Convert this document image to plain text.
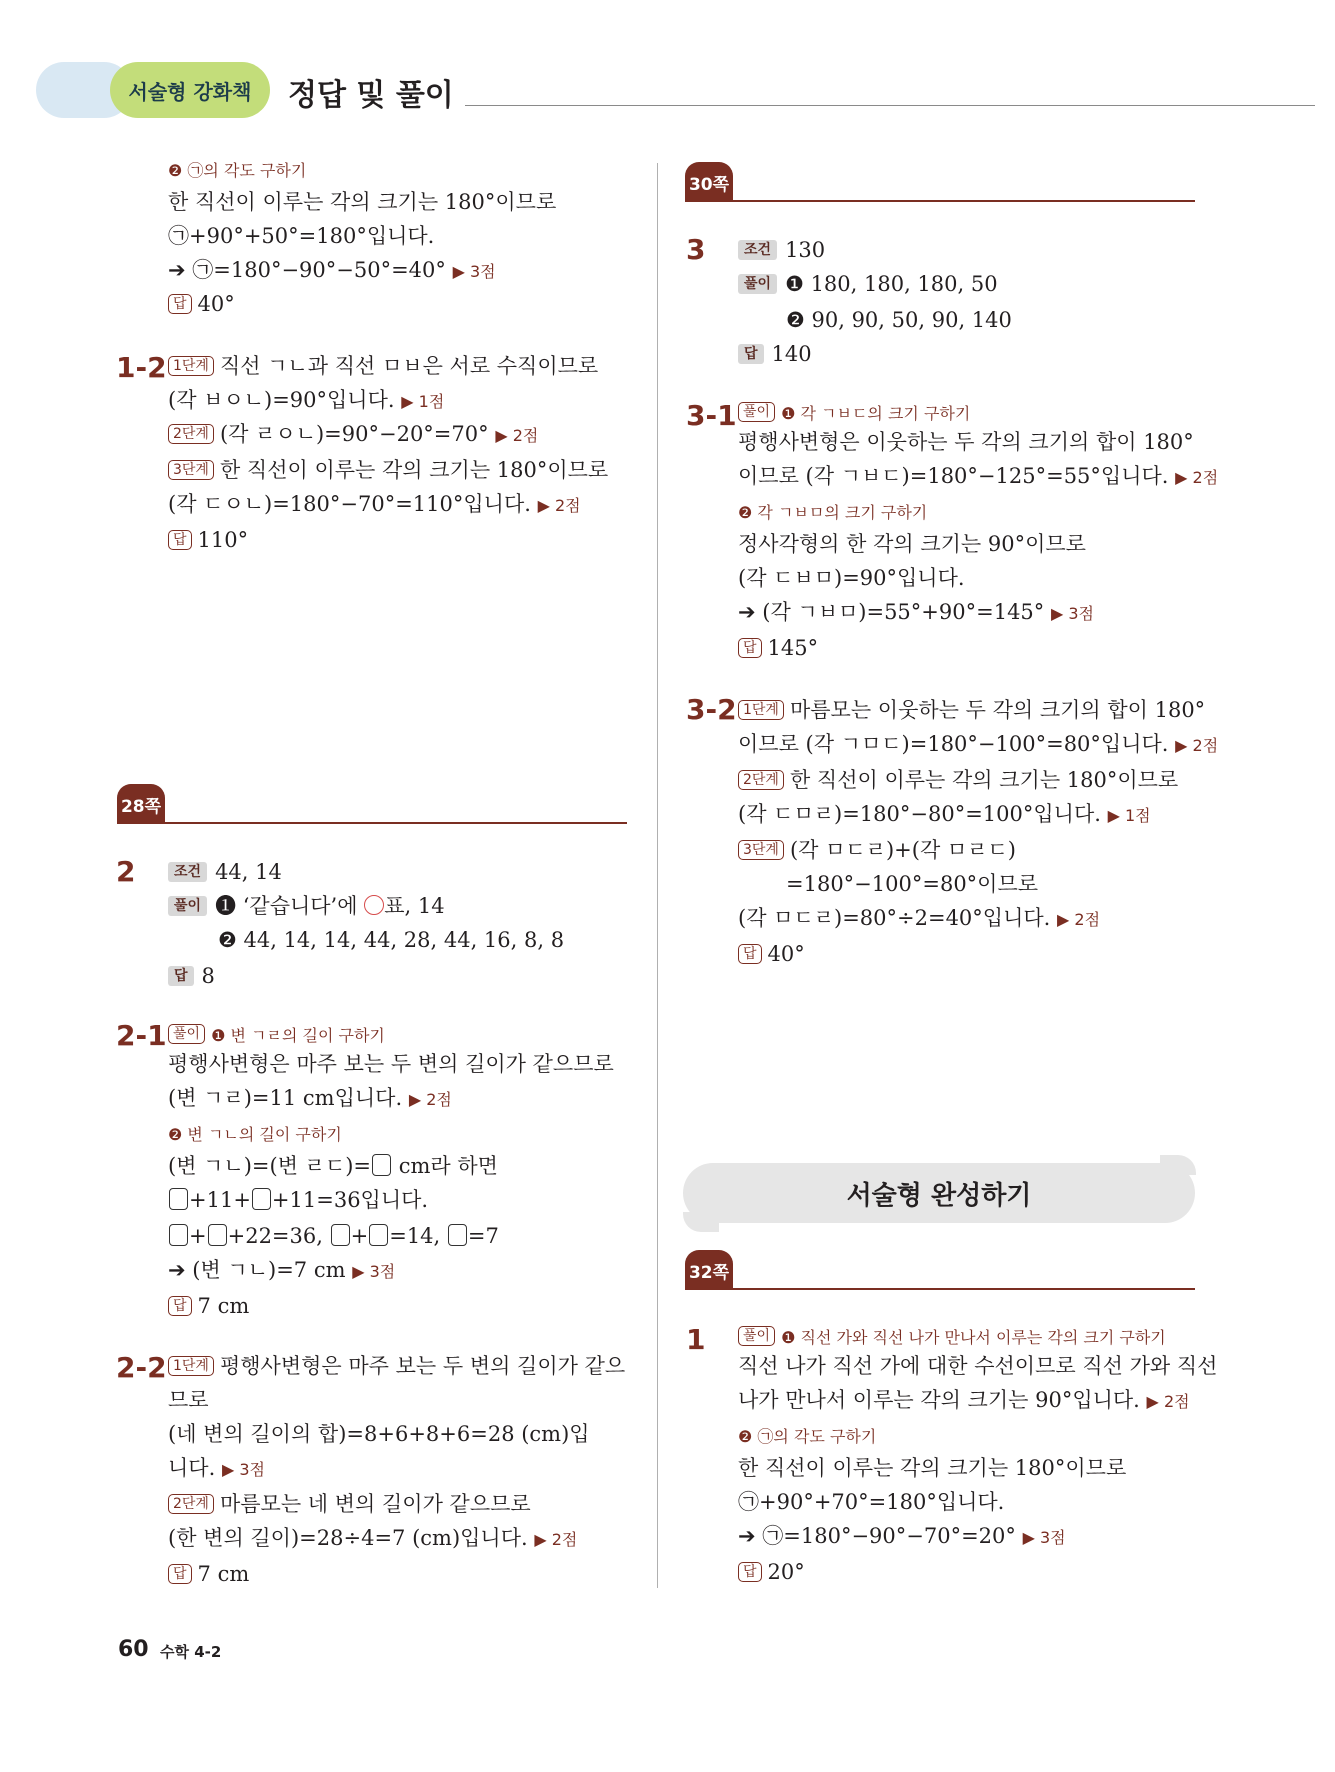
서술형 강화책	정답 및 풀이
❷ ㉠의 각도 구하기
한 직선이 이루는 각의 크기는 180°이므로
㉠+90°+50°=180°입니다.
➔ ㉠=180°−90°−50°=40° ▶ 3점
답 40°
1-2 1단계 직선 ㄱㄴ과 직선 ㅁㅂ은 서로 수직이므로
(각 ㅂㅇㄴ)=90°입니다. ▶ 1점
2단계 (각 ㄹㅇㄴ)=90°−20°=70° ▶ 2점
3단계 한 직선이 이루는 각의 크기는 180°이므로
(각 ㄷㅇㄴ)=180°−70°=110°입니다. ▶ 2점
답 110°
28쪽
2	조건 44, 14
풀이 ❶ ‘같습니다’에 ○표, 14
❷ 44, 14, 14, 44, 28, 44, 16, 8, 8
답 8
2-1 풀이 ❶ 변 ㄱㄹ의 길이 구하기
평행사변형은 마주 보는 두 변의 길이가 같으므로
(변 ㄱㄹ)=11 cm입니다. ▶ 2점
❷ 변 ㄱㄴ의 길이 구하기
(변 ㄱㄴ)=(변 ㄹㄷ)= cm라 하면
+11+ +11=36입니다.
+ +22=36, + =14, =7
➔ (변 ㄱㄴ)=7 cm ▶ 3점
답 7 cm
2-2 1단계 평행사변형은 마주 보는 두 변의 길이가 같으
므로
(네 변의 길이의 합)=8+6+8+6=28 (cm)입
니다. ▶ 3점
2단계 마름모는 네 변의 길이가 같으므로
(한 변의 길이)=28÷4=7 (cm)입니다. ▶ 2점
답 7 cm
30쪽
3	조건 130
풀이 ❶ 180, 180, 180, 50
❷ 90, 90, 50, 90, 140
답 140
3-1 풀이 ❶ 각 ㄱㅂㄷ의 크기 구하기
평행사변형은 이웃하는 두 각의 크기의 합이 180°
이므로 (각 ㄱㅂㄷ)=180°−125°=55°입니다. ▶ 2점
❷ 각 ㄱㅂㅁ의 크기 구하기
정사각형의 한 각의 크기는 90°이므로
(각 ㄷㅂㅁ)=90°입니다.
➔ (각 ㄱㅂㅁ)=55°+90°=145° ▶ 3점
답 145°
3-2 1단계 마름모는 이웃하는 두 각의 크기의 합이 180°
이므로 (각 ㄱㅁㄷ)=180°−100°=80°입니다. ▶ 2점
2단계 한 직선이 이루는 각의 크기는 180°이므로
(각 ㄷㅁㄹ)=180°−80°=100°입니다. ▶ 1점
3단계 (각 ㅁㄷㄹ)+(각 ㅁㄹㄷ)
=180°−100°=80°이므로
(각 ㅁㄷㄹ)=80°÷2=40°입니다. ▶ 2점
답 40°
서술형 완성하기
32쪽
1	풀이 ❶ 직선 가와 직선 나가 만나서 이루는 각의 크기 구하기
직선 나가 직선 가에 대한 수선이므로 직선 가와 직선
나가 만나서 이루는 각의 크기는 90°입니다. ▶ 2점
❷ ㉠의 각도 구하기
한 직선이 이루는 각의 크기는 180°이므로
㉠+90°+70°=180°입니다.
➔ ㉠=180°−90°−70°=20° ▶ 3점
답 20°
60 수학 4-2
